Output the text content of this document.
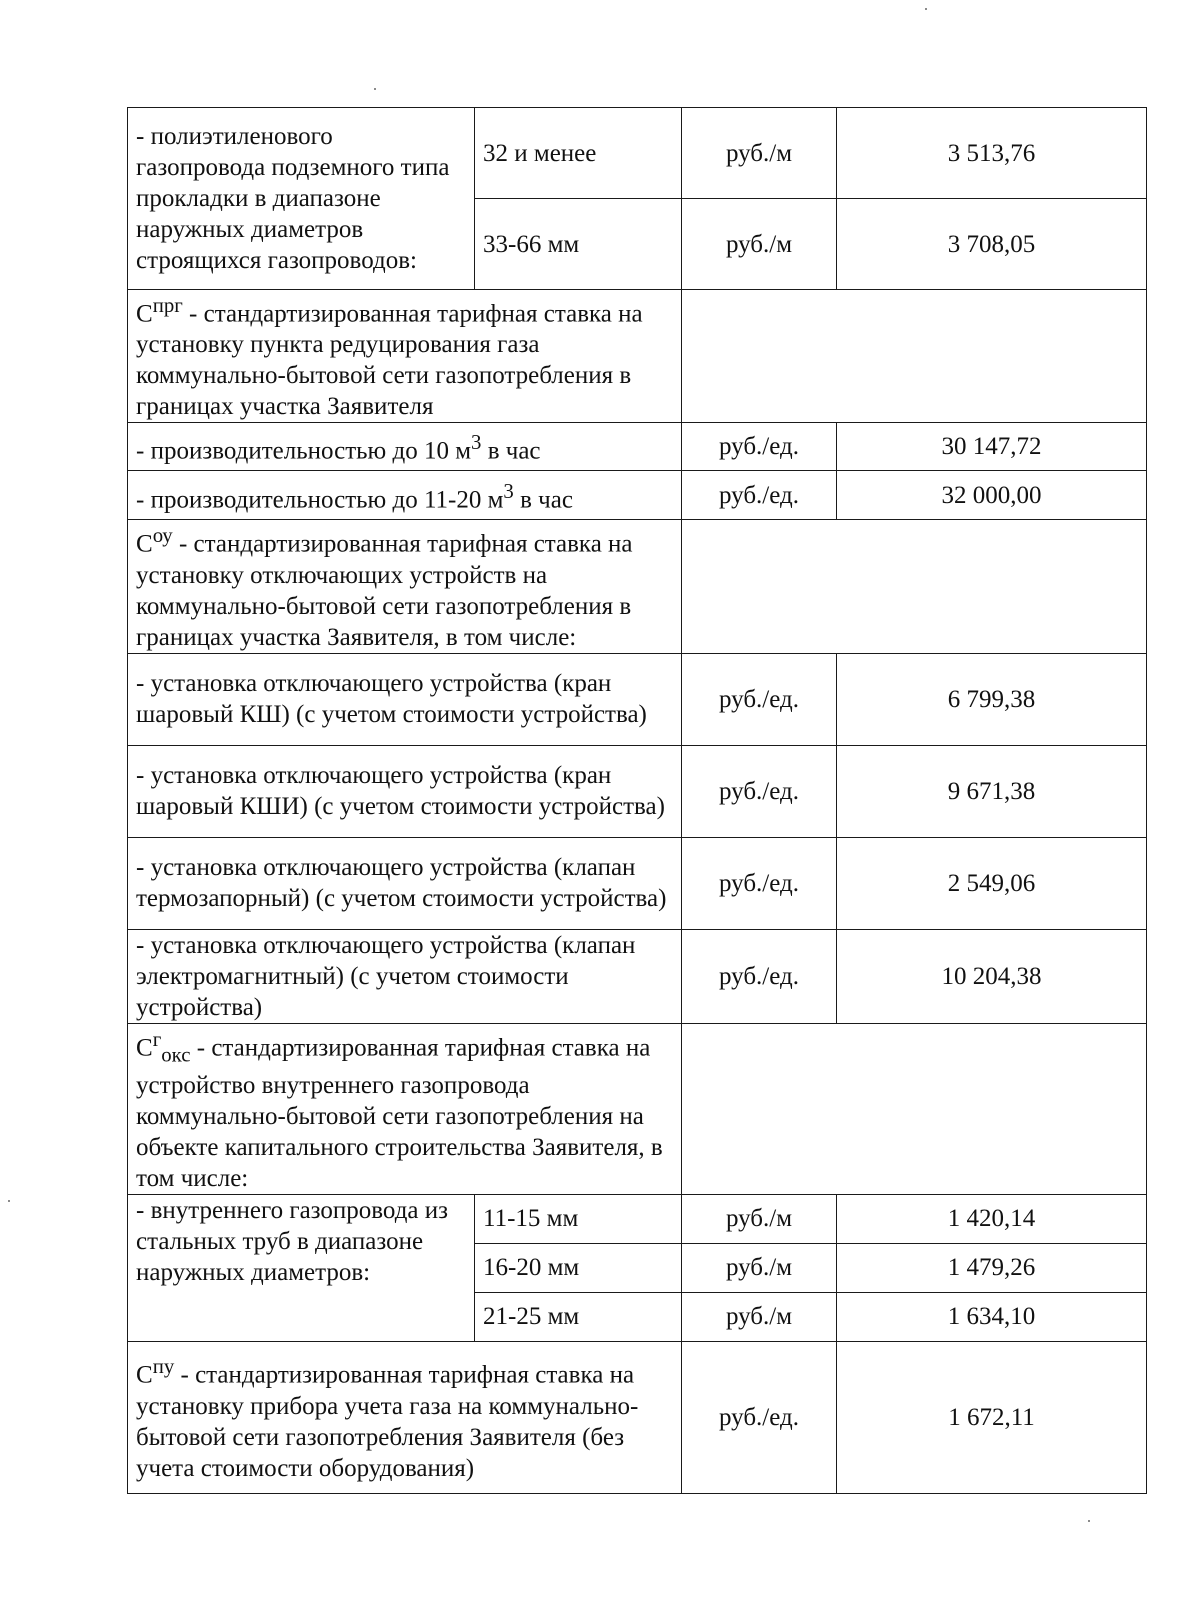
- полиэтиленового газопровода подземного типа прокладки в диапазоне наружных диаметров строящихся газопроводов:	32 и менее	руб./м	3 513,76
	33-66 мм	руб./м	3 708,05
$С^{прг}$ - стандартизированная тарифная ставка на установку пункта редуцирования газа коммунально-бытовой сети газопотребления в границах участка Заявителя			
- производительностью до 10 $м^3$ в час		руб./ед.	30 147,72
- производительностью до 11-20 $м^3$ в час		руб./ед.	32 000,00
$С^{оу}$ - стандартизированная тарифная ставка на установку отключающих устройств на коммунально-бытовой сети газопотребления в границах участка Заявителя, в том числе:			
- установка отключающего устройства (кран шаровый КШ) (с учетом стоимости устройства)		руб./ед.	6 799,38
- установка отключающего устройства (кран шаровый КШИ) (с учетом стоимости устройства)		руб./ед.	9 671,38
- установка отключающего устройства (клапан термозапорный) (с учетом стоимости устройства)		руб./ед.	2 549,06
- установка отключающего устройства (клапан электромагнитный) (с учетом стоимости устройства)		руб./ед.	10 204,38
$С^г_{окс}$ - стандартизированная тарифная ставка на устройство внутреннего газопровода коммунально-бытовой сети газопотребления на объекте капитального строительства Заявителя, в том числе:			
- внутреннего газопровода из стальных труб в диапазоне наружных диаметров:	11-15 мм	руб./м	1 420,14
	16-20 мм	руб./м	1 479,26
	21-25 мм	руб./м	1 634,10
$С^{пу}$ - стандартизированная тарифная ставка на установку прибора учета газа на коммунально-бытовой сети газопотребления Заявителя (без учета стоимости оборудования)		руб./ед.	1 672,11
